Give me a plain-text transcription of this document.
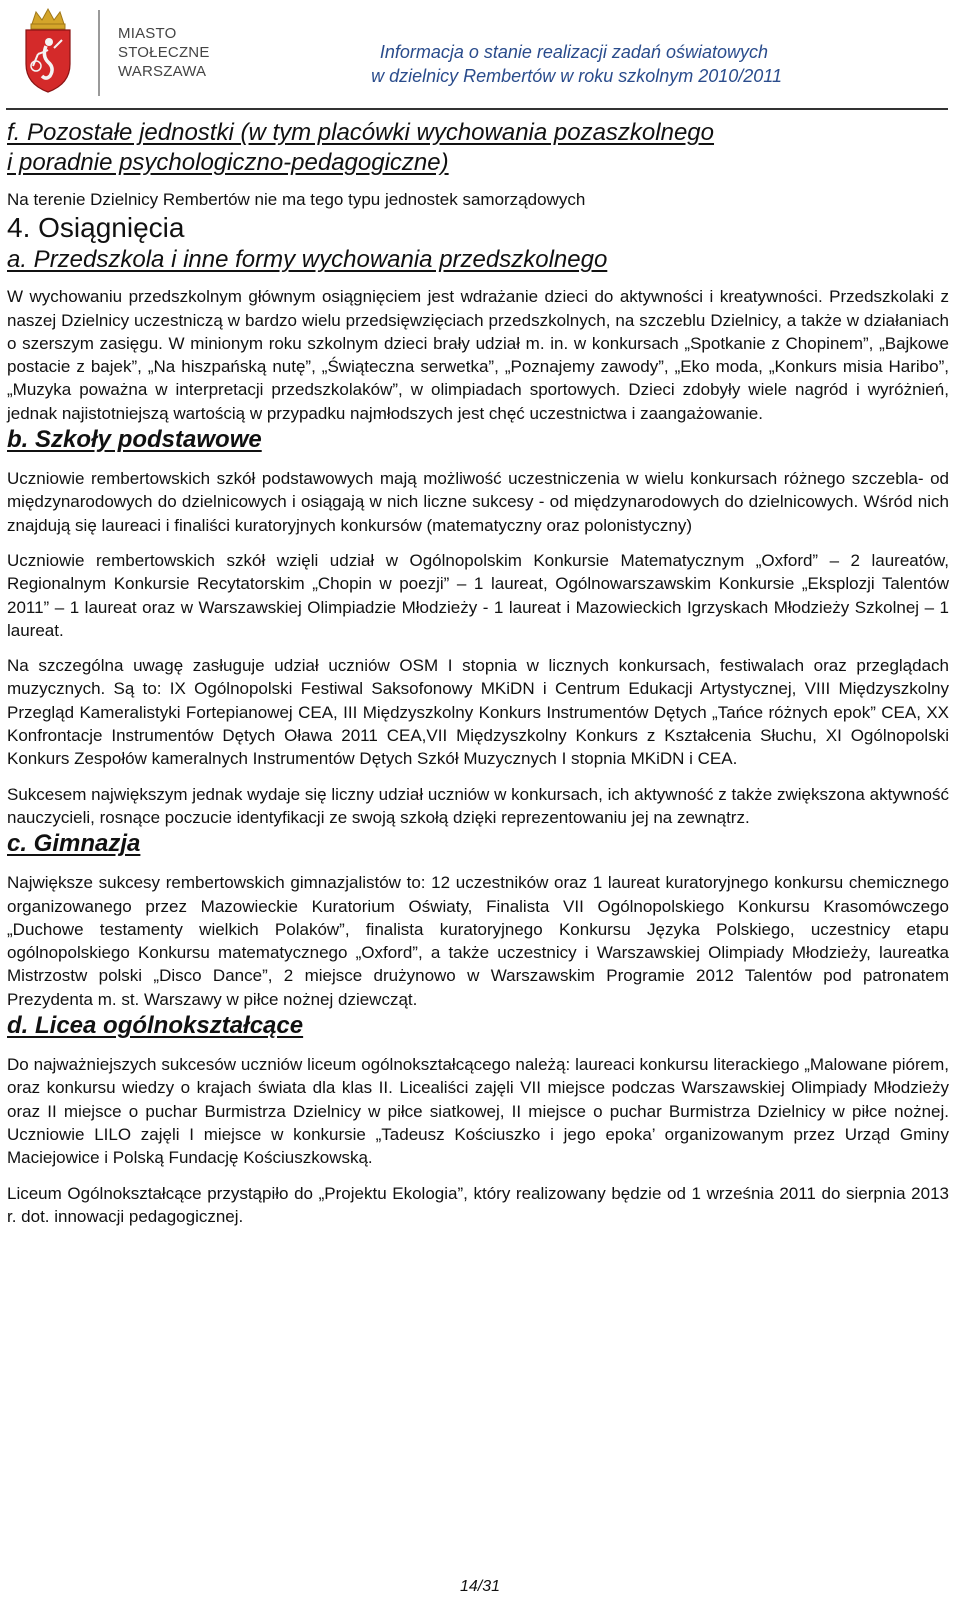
MIASTO
STOŁECZNE
WARSZAWA
Informacja o stanie realizacji zadań oświatowych
w dzielnicy Rembertów w roku szkolnym 2010/2011
f. Pozostałe jednostki (w tym placówki wychowania pozaszkolnego
i poradnie psychologiczno-pedagogiczne)

Na terenie Dzielnicy Rembertów nie ma tego typu jednostek samorządowych

4. Osiągnięcia
a. Przedszkola i inne formy wychowania przedszkolnego

W wychowaniu przedszkolnym głównym osiągnięciem jest wdrażanie dzieci do aktywności i kreatywności. Przedszkolaki z naszej Dzielnicy uczestniczą w bardzo wielu przedsięwzięciach przedszkolnych, na szczeblu Dzielnicy, a także w działaniach o szerszym zasięgu. W minionym roku szkolnym dzieci brały udział m. in. w konkursach „Spotkanie z Chopinem”, „Bajkowe postacie z bajek”, „Na hiszpańską nutę”, „Świąteczna serwetka”, „Poznajemy zawody”, „Eko moda, „Konkurs misia Haribo”, „Muzyka poważna w interpretacji przedszkolaków”, w olimpiadach sportowych. Dzieci zdobyły wiele nagród i wyróżnień, jednak najistotniejszą wartością w przypadku najmłodszych jest chęć uczestnictwa i zaangażowanie.

b. Szkoły podstawowe

Uczniowie rembertowskich szkół podstawowych mają możliwość uczestniczenia w wielu konkursach różnego szczebla- od międzynarodowych do dzielnicowych i osiągają w nich liczne sukcesy - od międzynarodowych do dzielnicowych. Wśród nich znajdują się laureaci i finaliści kuratoryjnych konkursów (matematyczny oraz polonistyczny)

Uczniowie rembertowskich szkół wzięli udział w Ogólnopolskim Konkursie Matematycznym „Oxford” – 2 laureatów, Regionalnym Konkursie Recytatorskim „Chopin w poezji” – 1 laureat, Ogólnowarszawskim Konkursie „Eksplozji Talentów 2011” – 1 laureat oraz w Warszawskiej Olimpiadzie Młodzieży - 1 laureat i Mazowieckich Igrzyskach Młodzieży Szkolnej – 1 laureat.

Na szczególna uwagę zasługuje udział uczniów OSM I stopnia w licznych konkursach, festiwalach oraz przeglądach muzycznych. Są to: IX Ogólnopolski Festiwal Saksofonowy MKiDN i Centrum Edukacji Artystycznej, VIII Międzyszkolny Przegląd Kameralistyki Fortepianowej CEA, III Międzyszkolny Konkurs Instrumentów Dętych „Tańce różnych epok” CEA, XX Konfrontacje Instrumentów Dętych Oława 2011 CEA,VII Międzyszkolny Konkurs z Kształcenia Słuchu, XI Ogólnopolski Konkurs Zespołów kameralnych Instrumentów Dętych Szkół Muzycznych I stopnia MKiDN i CEA.

Sukcesem największym jednak wydaje się liczny udział uczniów w konkursach, ich aktywność z także zwiększona aktywność nauczycieli, rosnące poczucie identyfikacji ze swoją szkołą dzięki reprezentowaniu jej na zewnątrz.

c. Gimnazja

Największe sukcesy rembertowskich gimnazjalistów to: 12 uczestników oraz 1 laureat kuratoryjnego konkursu chemicznego organizowanego przez Mazowieckie Kuratorium Oświaty, Finalista VII Ogólnopolskiego Konkursu Krasomówczego „Duchowe testamenty wielkich Polaków”, finalista kuratoryjnego Konkursu Języka Polskiego, uczestnicy etapu ogólnopolskiego Konkursu matematycznego „Oxford”, a także uczestnicy i Warszawskiej Olimpiady Młodzieży, laureatka Mistrzostw polski „Disco Dance”, 2 miejsce drużynowo w Warszawskim Programie 2012 Talentów pod patronatem Prezydenta m. st. Warszawy w piłce nożnej dziewcząt.

d. Licea ogólnokształcące

Do najważniejszych sukcesów uczniów liceum ogólnokształcącego należą: laureaci konkursu literackiego „Malowane piórem, oraz konkursu wiedzy o krajach świata dla klas II. Licealiści zajęli VII miejsce podczas Warszawskiej Olimpiady Młodzieży oraz II miejsce o puchar Burmistrza Dzielnicy w piłce siatkowej, II miejsce o puchar Burmistrza Dzielnicy w piłce nożnej. Uczniowie LILO zajęli I miejsce w konkursie „Tadeusz Kościuszko i jego epoka’ organizowanym przez Urząd Gminy Maciejowice i Polską Fundację Kościuszkowską.

Liceum Ogólnokształcące przystąpiło do „Projektu Ekologia”, który realizowany będzie od 1 września 2011 do sierpnia 2013 r. dot. innowacji pedagogicznej.

14/31
